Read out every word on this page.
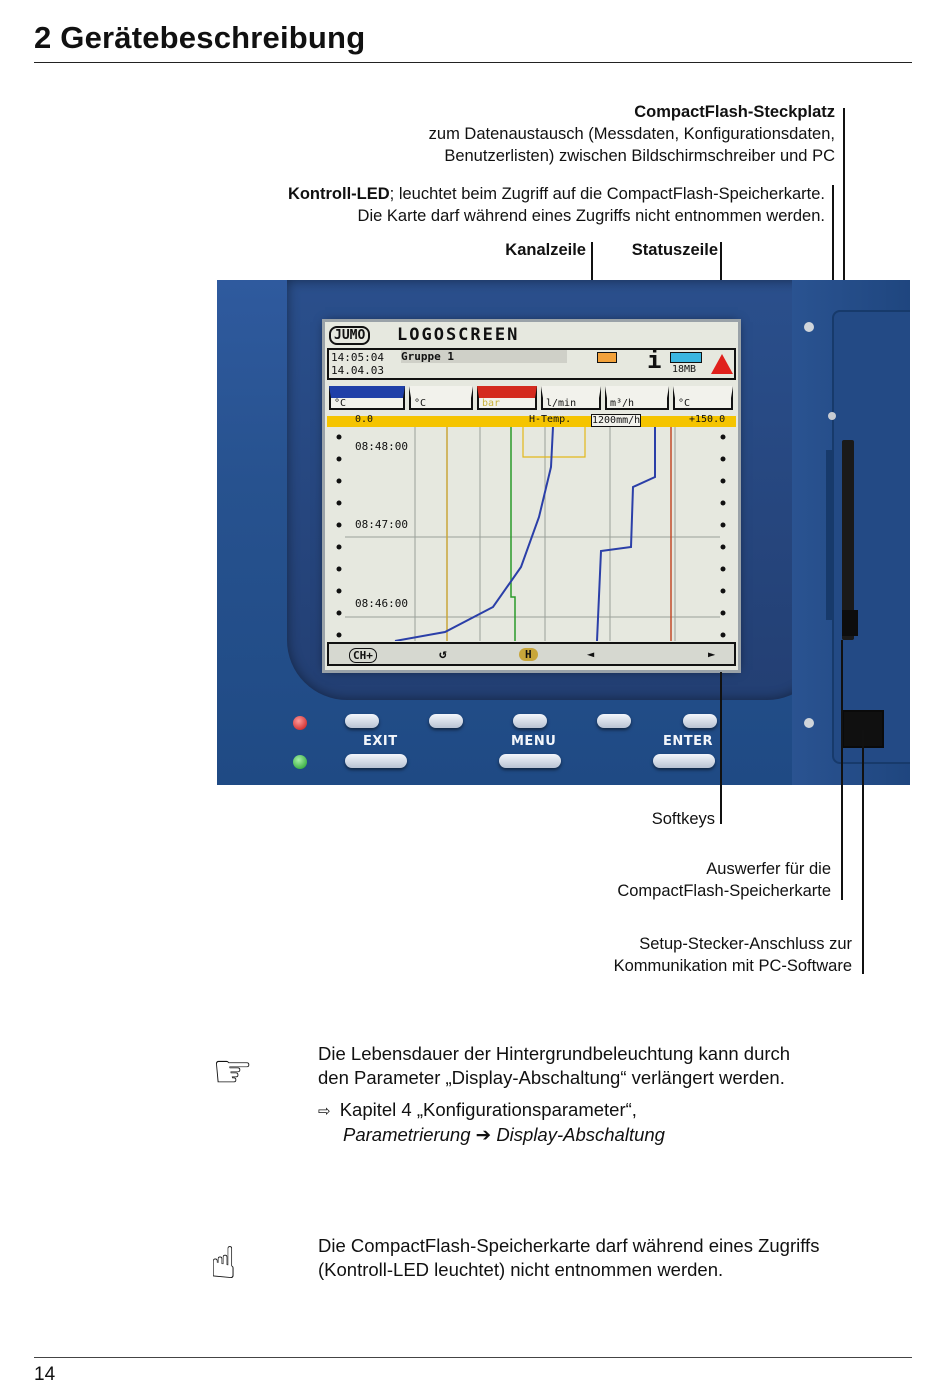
2 Gerätebeschreibung
CompactFlash-Steckplatz
zum Datenaustausch (Messdaten, Konfigurationsdaten,
Benutzerlisten) zwischen Bildschirmschreiber und PC
Kontroll-LED; leuchtet beim Zugriff auf die CompactFlash-Speicherkarte.
Die Karte darf während eines Zugriffs nicht entnommen werden.
Kanalzeile	Statuszeile
EXIT	MENU	ENTER
JUMO LOGOSCREEN
14:05:04
14.04.03
Gruppe 1	i 18MB
+83.9
°C
+271.1
°C
+3.6
bar
+79
l/min
+4.17
m³/h
+200.5
°C
0.0	H-Temp. 1200mm/h	+150.0
08:48:00
08:47:00
08:46:00
CH+	↺	H	◄	►
Softkeys
Auswerfer für die
CompactFlash-Speicherkarte
Setup-Stecker-Anschluss zur
Kommunikation mit PC-Software
☞	Die Lebensdauer der Hintergrundbeleuchtung kann durch
den Parameter „Display-Abschaltung“ verlängert werden.
⇨ Kapitel 4 „Konfigurationsparameter“,
Parametrierung ➔ Display-Abschaltung
☝	Die CompactFlash-Speicherkarte darf während eines Zugriffs
(Kontroll-LED leuchtet) nicht entnommen werden.
14
